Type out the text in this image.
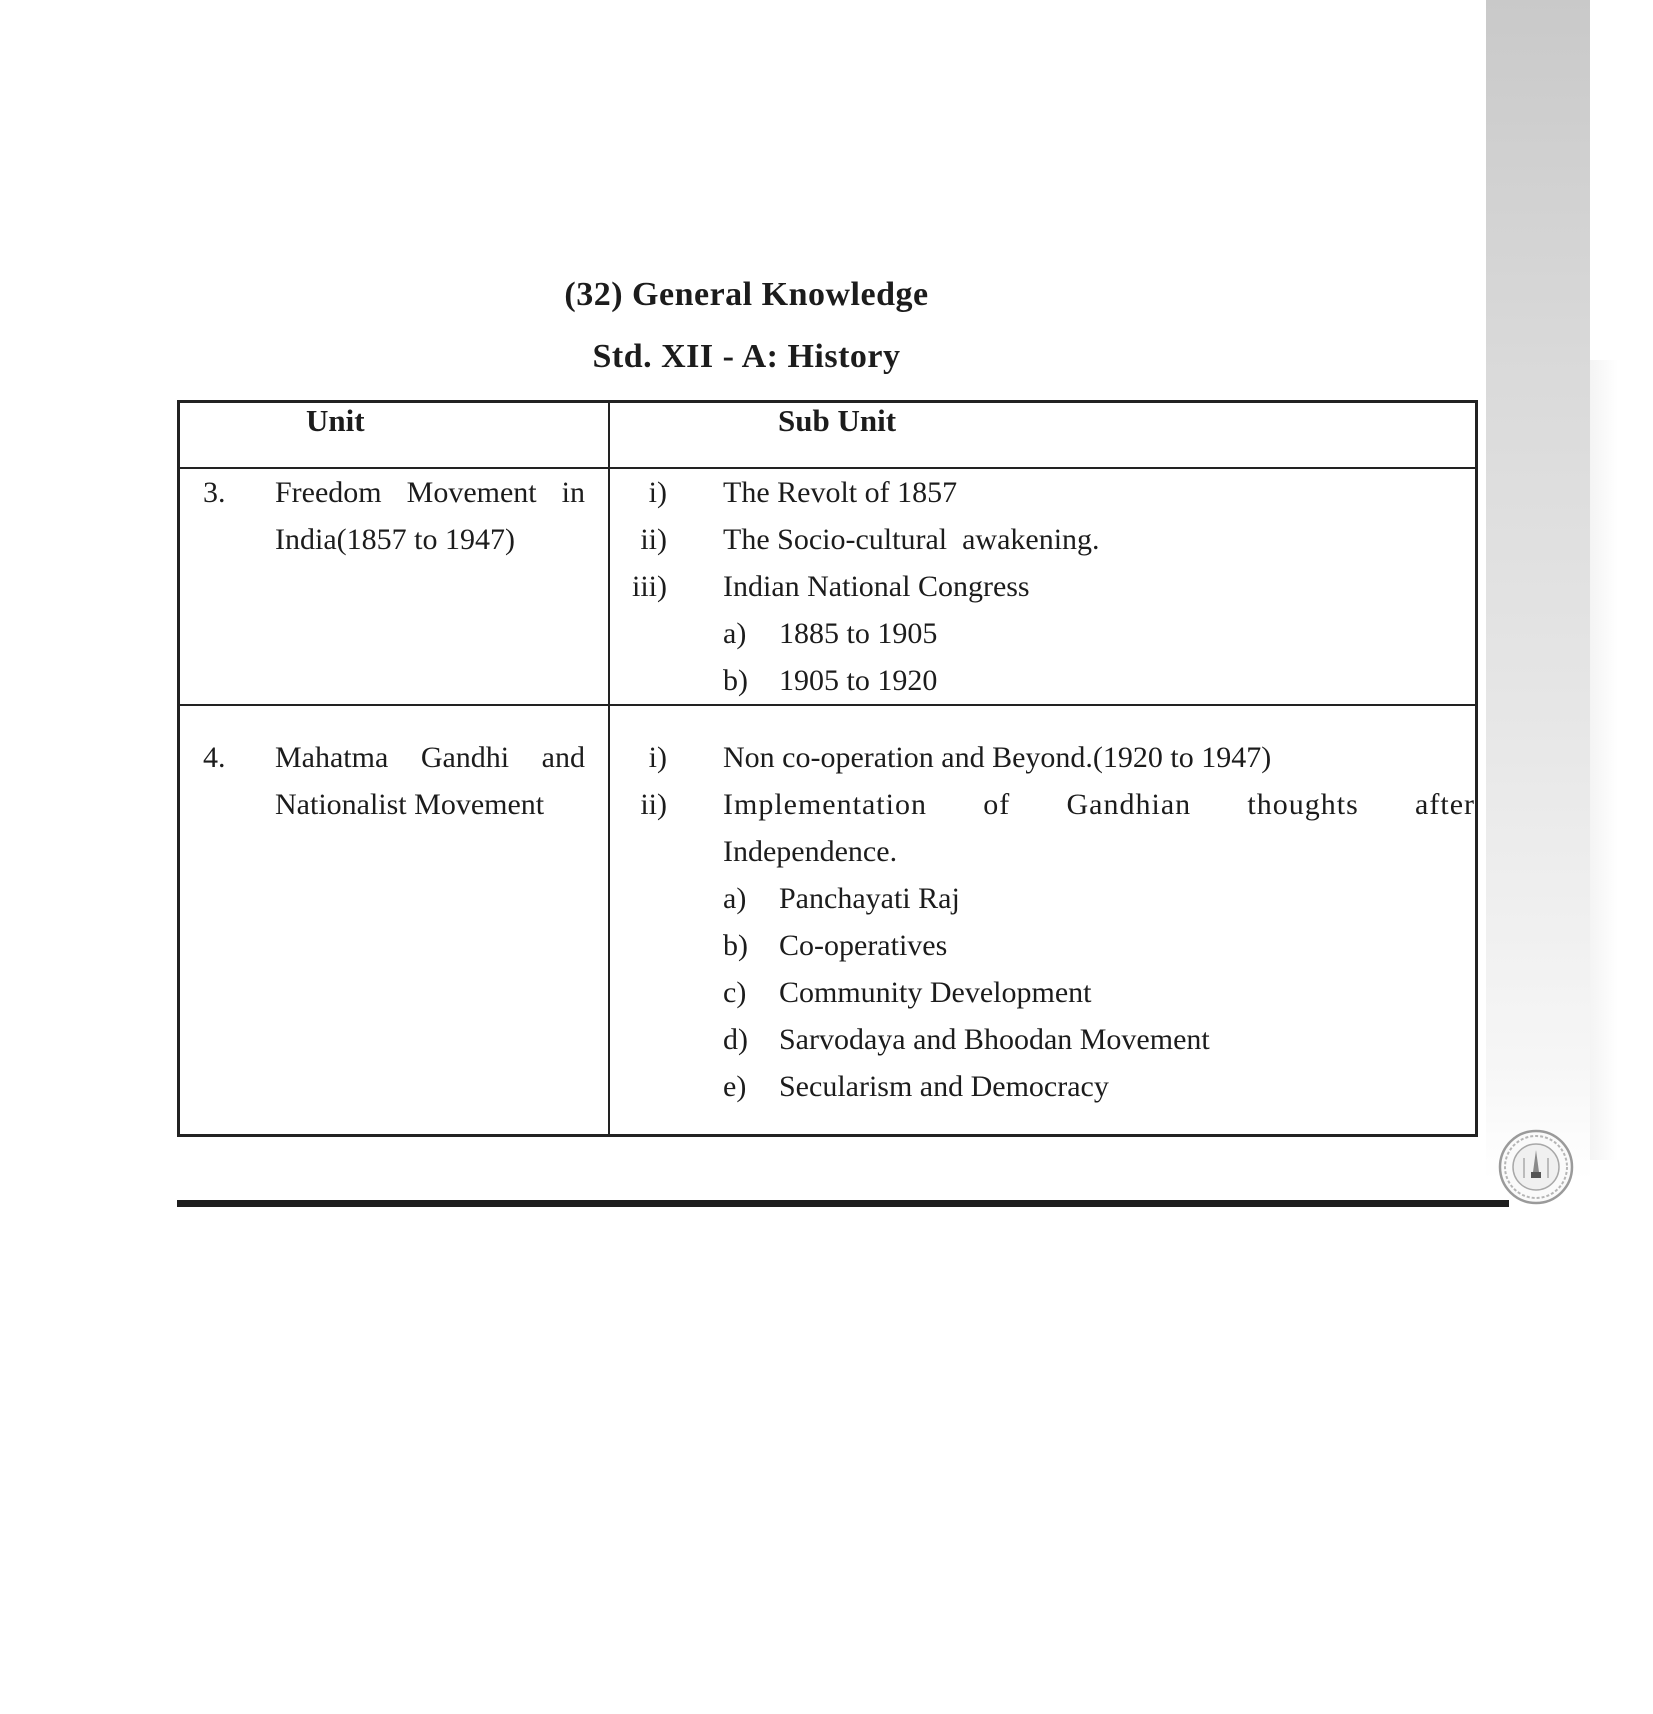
(32) General Knowledge
Std. XII - A: History
Unit	Sub Unit

3.	Freedom Movement in India(1857 to 1947)

i)	The Revolt of 1857
ii)	The Socio-cultural  awakening.
iii)	Indian National Congress
a)	1885 to 1905
b)	1905 to 1920

4.	Mahatma Gandhi and Nationalist Movement

i)	Non co-operation and Beyond.(1920 to 1947)
ii)	Implementation of Gandhian thoughts after
Independence.
a)	Panchayati Raj
b)	Co-operatives
c)	Community Development
d)	Sarvodaya and Bhoodan Movement
e)	Secularism and Democracy
